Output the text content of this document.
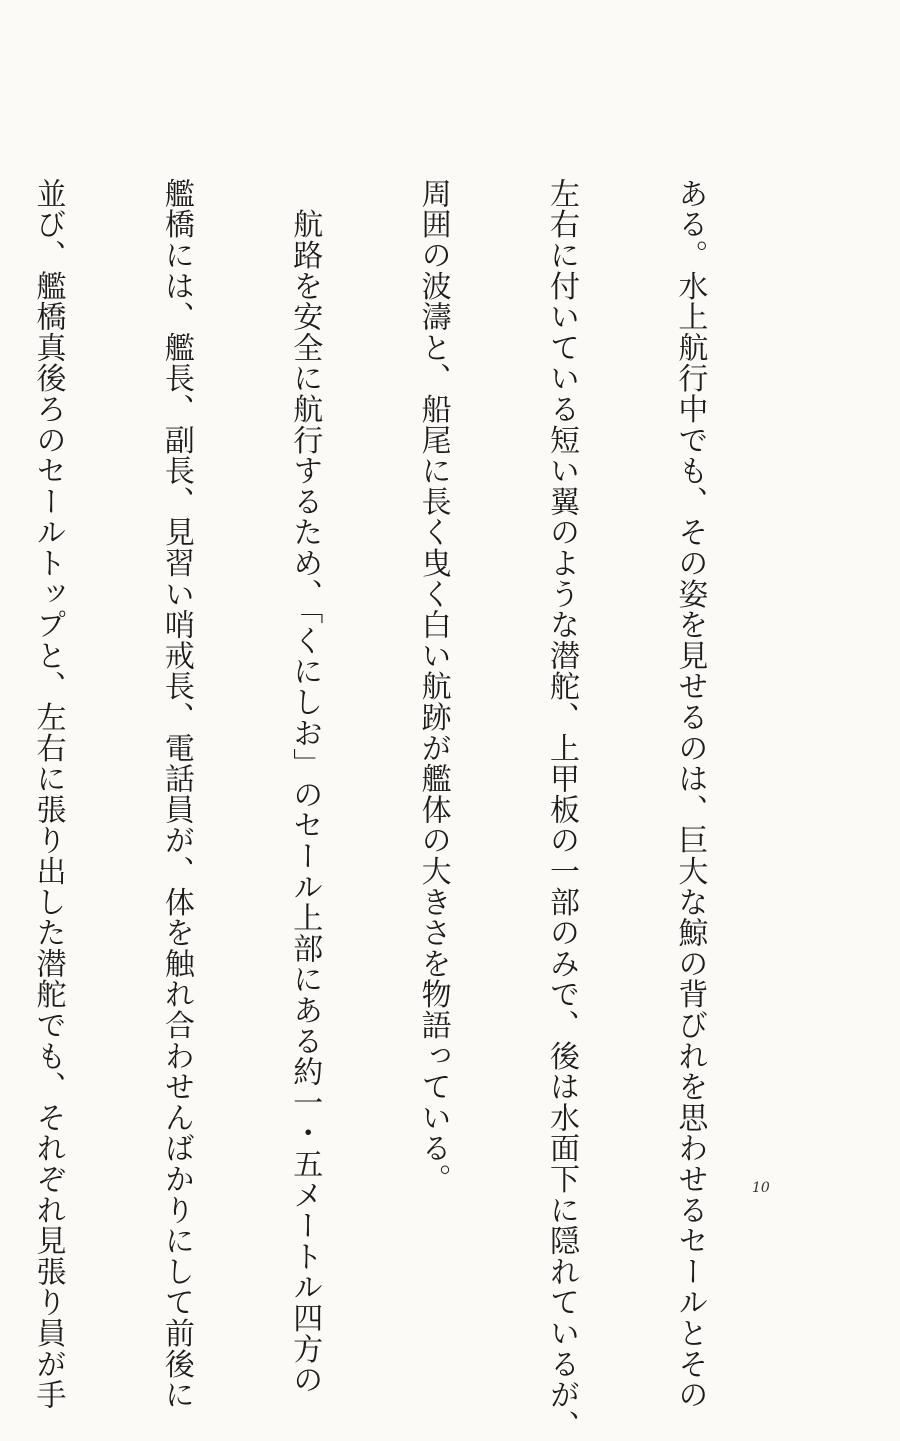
ある。水上航行中でも、その姿を見せるのは、巨大な鯨の背びれを思わせるセールとその

左右に付いている短い翼のような潜舵、上甲板の一部のみで、後は水面下に隠れているが、

周囲の波濤と、船尾に長く曳く白い航跡が艦体の大きさを物語っている。

　航路を安全に航行するため、「くにしお」のセール上部にある約一・五メートル四方の

艦橋には、艦長、副長、見習い哨戒長、電話員が、体を触れ合わせんばかりにして前後に

並び、艦橋真後ろのセールトップと、左右に張り出した潜舵でも、それぞれ見張り員が手

	10
